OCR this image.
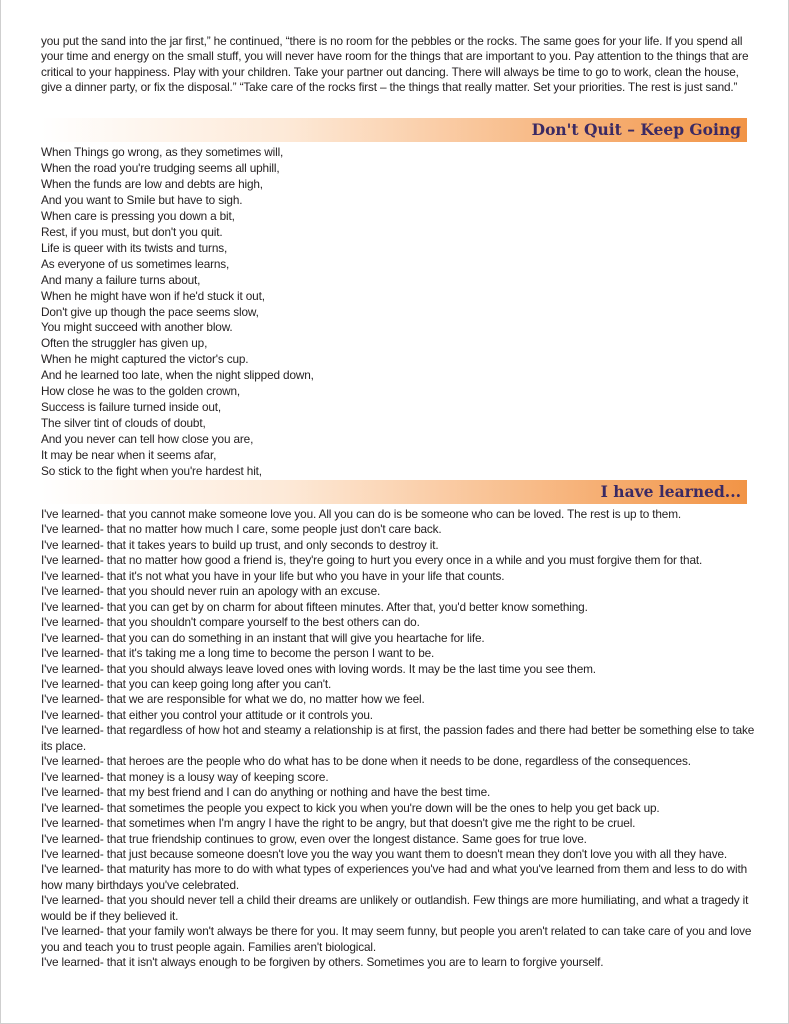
you put the sand into the jar first,” he continued, “there is no room for the pebbles or the rocks. The same goes for your life. If you spend all your time and energy on the small stuff, you will never have room for the things that are important to you. Pay attention to the things that are critical to your happiness. Play with your children. Take your partner out dancing. There will always be time to go to work, clean the house, give a dinner party, or fix the disposal.” “Take care of the rocks first – the things that really matter. Set your priorities. The rest is just sand.”

Don't Quit – Keep Going
When Things go wrong, as they sometimes will,
When the road you're trudging seems all uphill,
When the funds are low and debts are high,
And you want to Smile but have to sigh.
When care is pressing you down a bit,
Rest, if you must, but don't you quit.
Life is queer with its twists and turns,
As everyone of us sometimes learns,
And many a failure turns about,
When he might have won if he'd stuck it out,
Don't give up though the pace seems slow,
You might succeed with another blow.
Often the struggler has given up,
When he might captured the victor's cup.
And he learned too late, when the night slipped down,
How close he was to the golden crown,
Success is failure turned inside out,
The silver tint of clouds of doubt,
And you never can tell how close you are,
It may be near when it seems afar,
So stick to the fight when you're hardest hit,
I have learned...
I've learned- that you cannot make someone love you. All you can do is be someone who can be loved. The rest is up to them.
I've learned- that no matter how much I care, some people just don't care back.
I've learned- that it takes years to build up trust, and only seconds to destroy it.
I've learned- that no matter how good a friend is, they're going to hurt you every once in a while and you must forgive them for that.
I've learned- that it's not what you have in your life but who you have in your life that counts.
I've learned- that you should never ruin an apology with an excuse.
I've learned- that you can get by on charm for about fifteen minutes. After that, you'd better know something.
I've learned- that you shouldn't compare yourself to the best others can do.
I've learned- that you can do something in an instant that will give you heartache for life.
I've learned- that it's taking me a long time to become the person I want to be.
I've learned- that you should always leave loved ones with loving words. It may be the last time you see them.
I've learned- that you can keep going long after you can't.
I've learned- that we are responsible for what we do, no matter how we feel.
I've learned- that either you control your attitude or it controls you.
I've learned- that regardless of how hot and steamy a relationship is at first, the passion fades and there had better be something else to take its place.
I've learned- that heroes are the people who do what has to be done when it needs to be done, regardless of the consequences.
I've learned- that money is a lousy way of keeping score.
I've learned- that my best friend and I can do anything or nothing and have the best time.
I've learned- that sometimes the people you expect to kick you when you're down will be the ones to help you get back up.
I've learned- that sometimes when I'm angry I have the right to be angry, but that doesn't give me the right to be cruel.
I've learned- that true friendship continues to grow, even over the longest distance. Same goes for true love.
I've learned- that just because someone doesn't love you the way you want them to doesn't mean they don't love you with all they have.
I've learned- that maturity has more to do with what types of experiences you've had and what you've learned from them and less to do with how many birthdays you've celebrated.
I've learned- that you should never tell a child their dreams are unlikely or outlandish. Few things are more humiliating, and what a tragedy it would be if they believed it.
I've learned- that your family won't always be there for you. It may seem funny, but people you aren't related to can take care of you and love you and teach you to trust people again. Families aren't biological.
I've learned- that it isn't always enough to be forgiven by others. Sometimes you are to learn to forgive yourself.
